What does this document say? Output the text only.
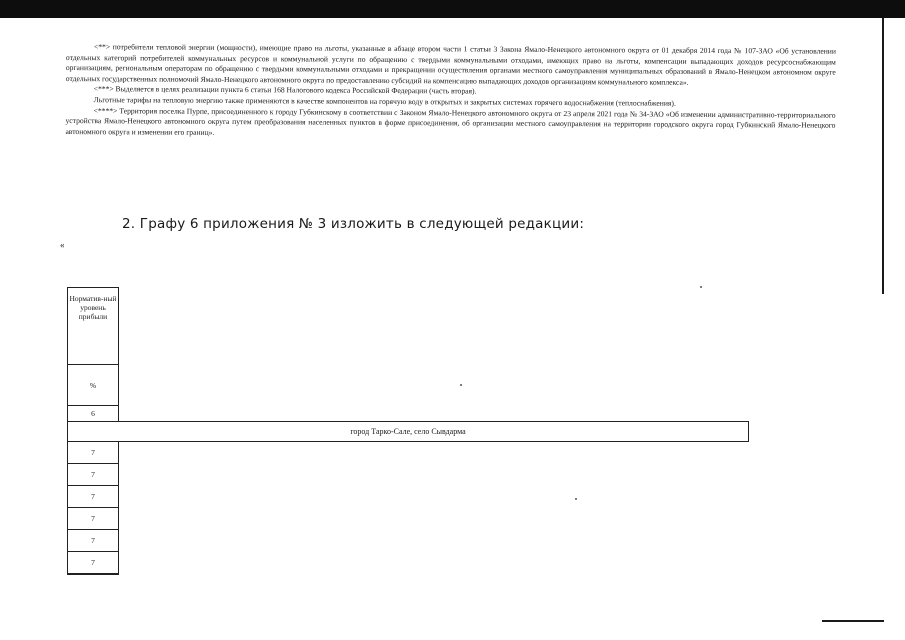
<**> потребители тепловой энергии (мощности), имеющие право на льготы, указанные в абзаце втором части 1 статьи 3 Закона Ямало-Ненецкого автономного округа от 01 декабря 2014 года № 107-ЗАО «Об установлении отдельных категорий потребителей коммунальных ресурсов и коммунальной услуги по обращению с твердыми коммунальными отходами, имеющих право на льготы, компенсации выпадающих доходов ресурсоснабжающим организациям, региональным операторам по обращению с твердыми коммунальными отходами и прекращении осуществления органами местного самоуправления муниципальных образований в Ямало-Ненецком автономном округе отдельных государственных полномочий Ямало-Ненецкого автономного округа по предоставлению субсидий на компенсацию выпадающих доходов организациям коммунального комплекса».

<***> Выделяется в целях реализации пункта 6 статьи 168 Налогового кодекса Российской Федерации (часть вторая).

Льготные тарифы на тепловую энергию также применяются в качестве компонентов на горячую воду в открытых и закрытых системах горячего водоснабжения (теплоснабжения).

<****> Территория поселка Пурпе, присоединенного к городу Губкинскому в соответствии с Законом Ямало-Ненецкого автономного округа от 23 апреля 2021 года № 34-ЗАО «Об изменении административно-территориального устройства Ямало-Ненецкого автономного округа путем преобразования населенных пунктов в форме присоединения, об организации местного самоуправления на территории городского округа город Губкинский Ямало-Ненецкого автономного округа и изменении его границ».

2. Графу 6 приложения № 3 изложить в следующей редакции:
«
Норматив-ный уровень прибыли
%
6
город Тарко-Сале, село Сывдарма
7
7
7
7
7
7
